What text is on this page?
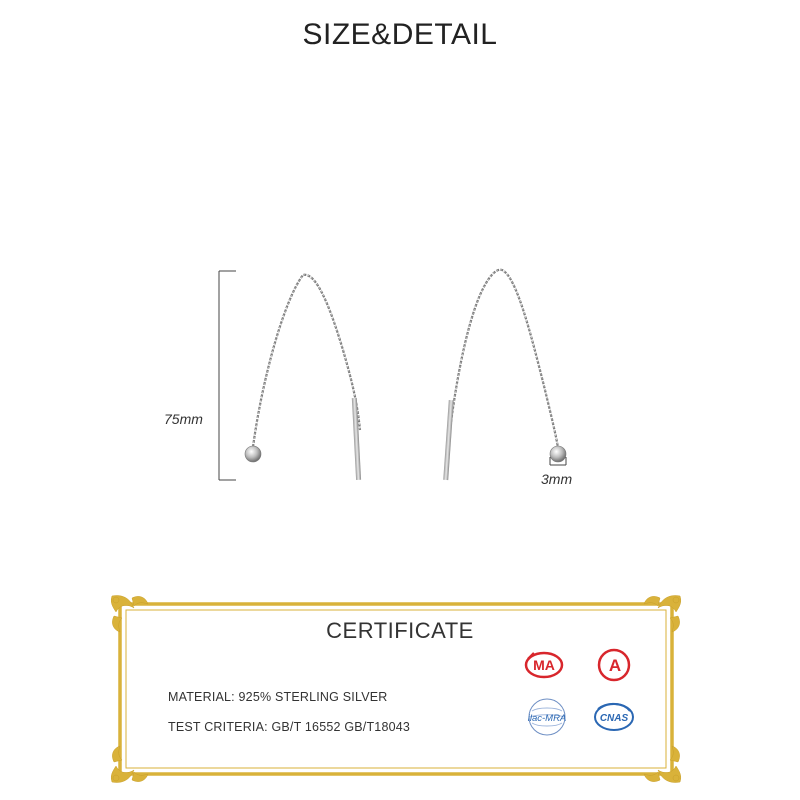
SIZE&DETAIL
75mm
3mm
CERTIFICATE
MATERIAL: 925% STERLING SILVER
TEST CRITERIA: GB/T 16552 GB/T18043
MA	A
ilac-MRA	CNAS
